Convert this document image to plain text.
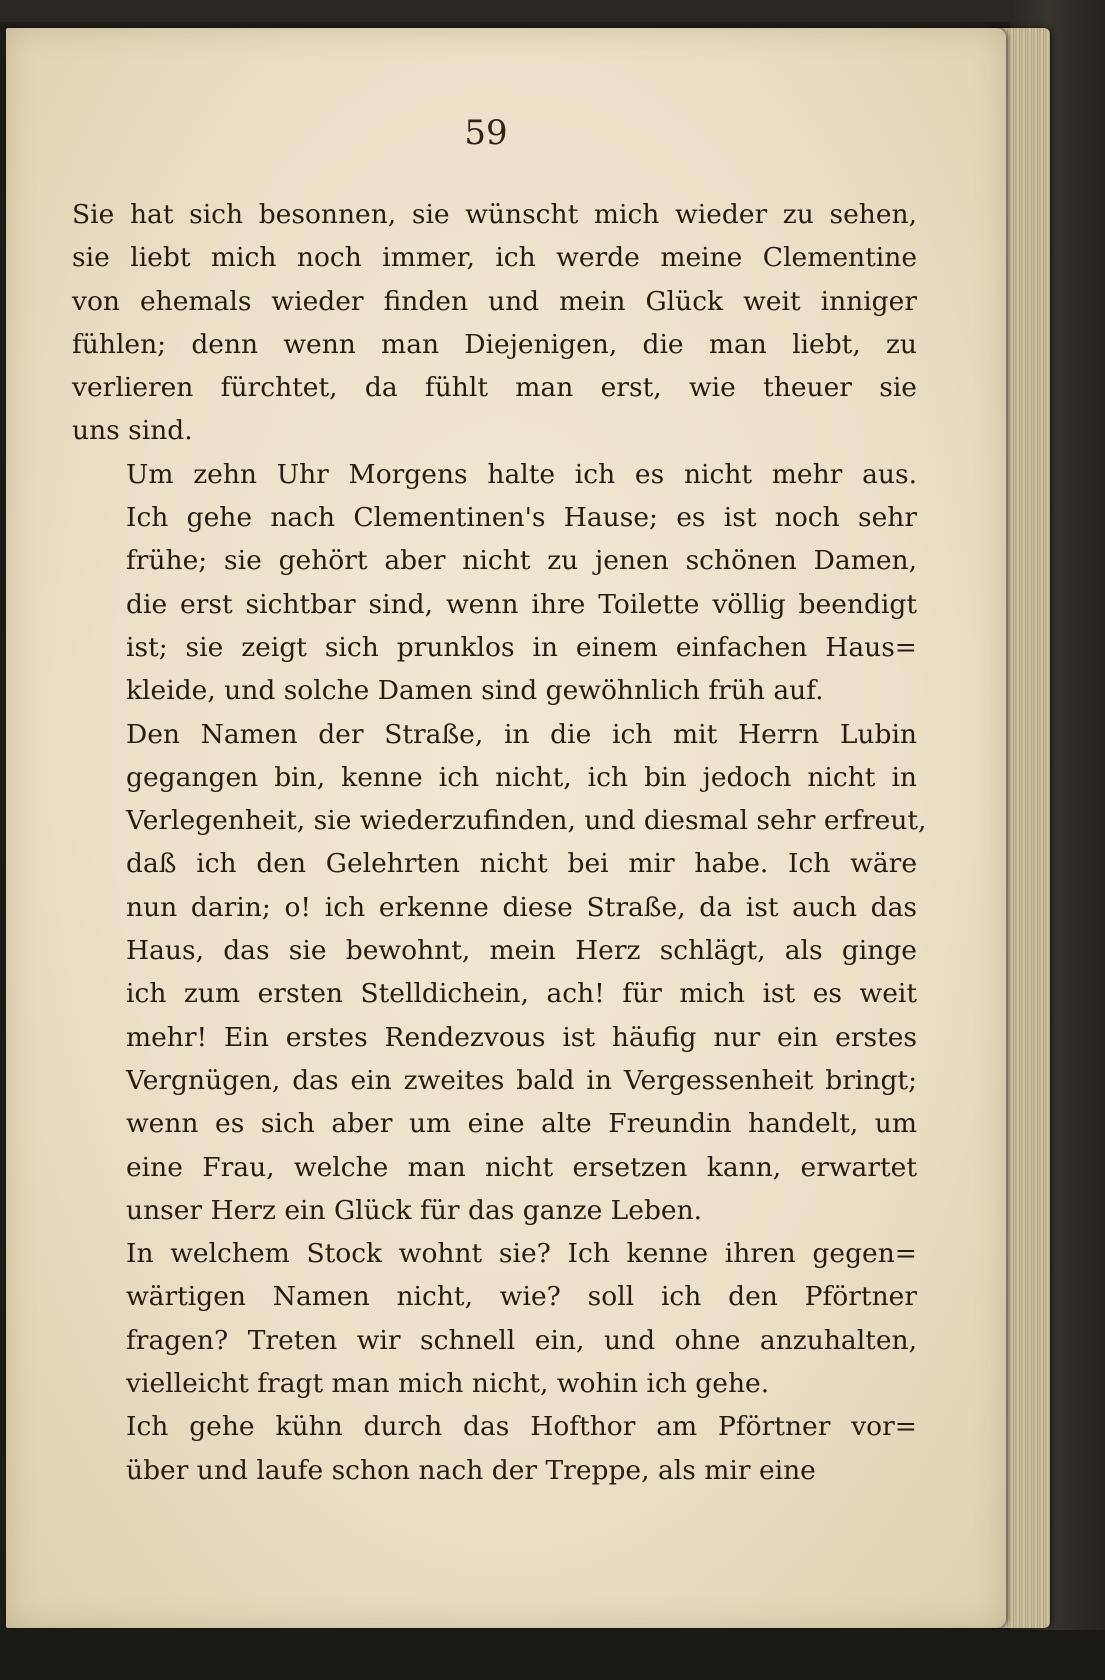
59

Sie hat sich besonnen, sie wünscht mich wieder zu sehen,
sie liebt mich noch immer, ich werde meine Clementine
von ehemals wieder finden und mein Glück weit inniger
fühlen; denn wenn man Diejenigen, die man liebt, zu
verlieren fürchtet, da fühlt man erst, wie theuer sie
uns sind.

Um zehn Uhr Morgens halte ich es nicht mehr aus.
Ich gehe nach Clementinen's Hause; es ist noch sehr
frühe; sie gehört aber nicht zu jenen schönen Damen,
die erst sichtbar sind, wenn ihre Toilette völlig beendigt
ist; sie zeigt sich prunklos in einem einfachen Haus=
kleide, und solche Damen sind gewöhnlich früh auf.

Den Namen der Straße, in die ich mit Herrn Lubin
gegangen bin, kenne ich nicht, ich bin jedoch nicht in
Verlegenheit, sie wiederzufinden, und diesmal sehr erfreut,
daß ich den Gelehrten nicht bei mir habe. Ich wäre
nun darin; o! ich erkenne diese Straße, da ist auch das
Haus, das sie bewohnt, mein Herz schlägt, als ginge
ich zum ersten Stelldichein, ach! für mich ist es weit
mehr! Ein erstes Rendezvous ist häufig nur ein erstes
Vergnügen, das ein zweites bald in Vergessenheit bringt;
wenn es sich aber um eine alte Freundin handelt, um
eine Frau, welche man nicht ersetzen kann, erwartet
unser Herz ein Glück für das ganze Leben.

In welchem Stock wohnt sie? Ich kenne ihren gegen=
wärtigen Namen nicht, wie? soll ich den Pförtner
fragen? Treten wir schnell ein, und ohne anzuhalten,
vielleicht fragt man mich nicht, wohin ich gehe.

Ich gehe kühn durch das Hofthor am Pförtner vor=
über und laufe schon nach der Treppe, als mir eine
